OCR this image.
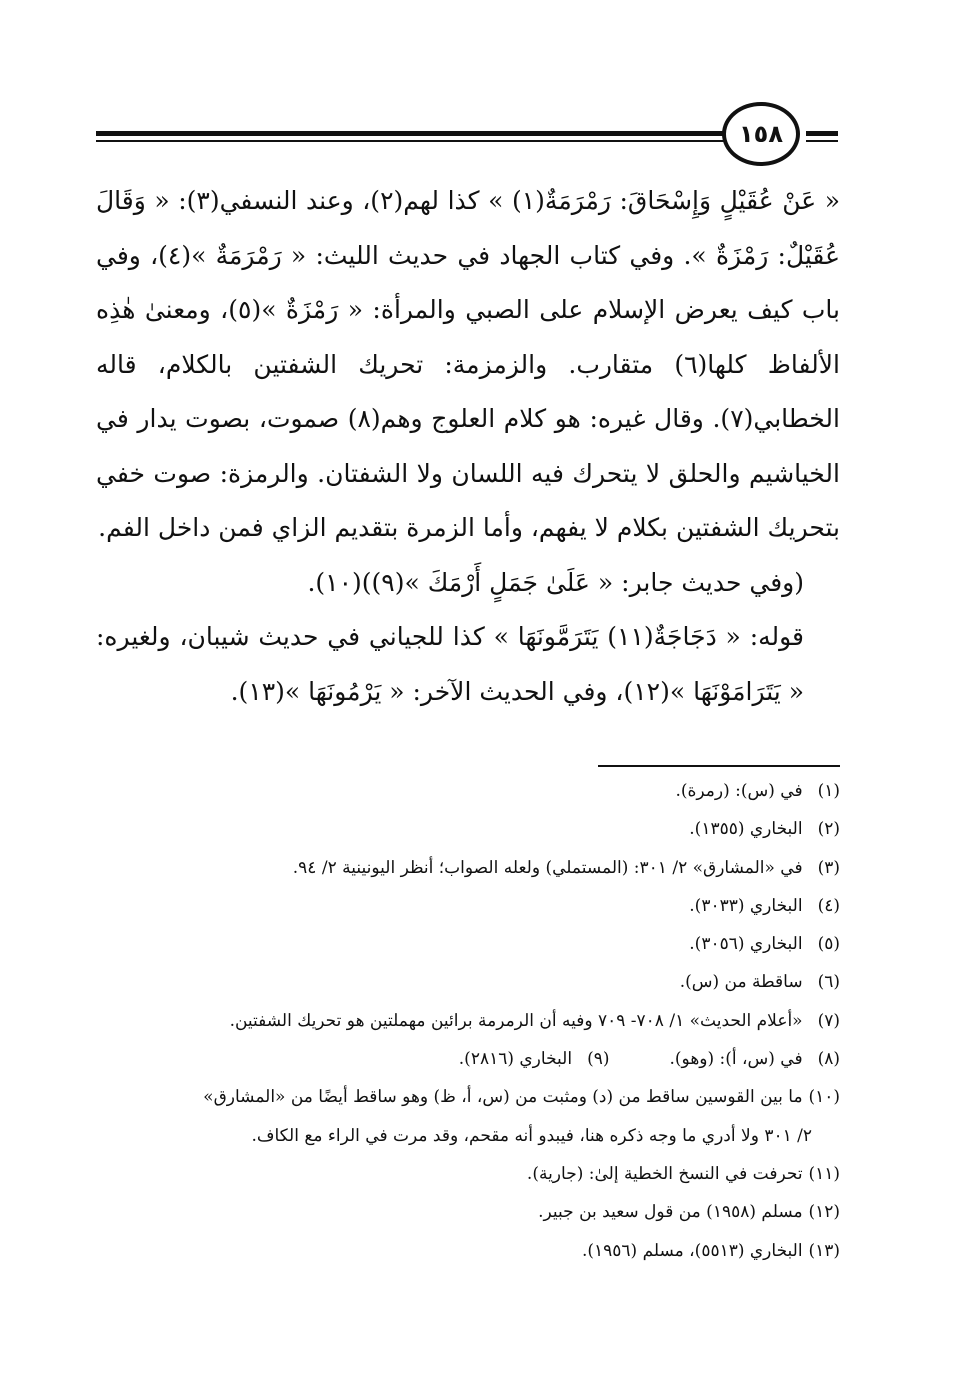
١٥٨

« عَنْ عُقَيْلٍ وَإِسْحَاقَ: رَمْرَمَةٌ(١) » كذا لهم(٢)، وعند النسفي(٣): « وَقَالَ عُقَيْلٌ: رَمْزَةٌ ». وفي كتاب الجهاد في حديث الليث: « رَمْرَمَةٌ »(٤)، وفي باب كيف يعرض الإسلام على الصبي والمرأة: « رَمْزَةٌ »(٥)، ومعنىٰ هٰذِه الألفاظ كلها(٦) متقارب. والزمزمة: تحريك الشفتين بالكلام، قاله الخطابي(٧). وقال غيره: هو كلام العلوج وهم(٨) صموت، بصوت يدار في الخياشيم والحلق لا يتحرك فيه اللسان ولا الشفتان. والرمزة: صوت خفي بتحريك الشفتين بكلام لا يفهم، وأما الزمرة بتقديم الزاي فمن داخل الفم.

(وفي حديث جابر: « عَلَىٰ جَمَلٍ أَرْمَكَ »(٩))(١٠).

قوله: « دَجَاجَةٌ(١١) يَتَرَمَّونَهَا » كذا للجياني في حديث شيبان، ولغيره: « يَتَرَامَوْنَهَا »(١٢)، وفي الحديث الآخر: « يَرْمُونَهَا »(١٣).

(١) في (س): (رمرة).
(٢) البخاري (١٣٥٥).
(٣) في «المشارق» ٢/ ٣٠١: (المستملي) ولعله الصواب؛ أنظر اليونينية ٢/ ٩٤.
(٤) البخاري (٣٠٣٣).
(٥) البخاري (٣٠٥٦).
(٦) ساقطة من (س).
(٧) «أعلام الحديث» ١/ ٧٠٨- ٧٠٩ وفيه أن الرمرمة برائين مهملتين هو تحريك الشفتين.
(٨) في (س، أ): (وهو).
(٩) البخاري (٢٨١٦).
(١٠) ما بين القوسين ساقط من (د) ومثبت من (س، أ، ظ) وهو ساقط أيضًا من «المشارق»
٢/ ٣٠١ ولا أدري ما وجه ذكره هنا، فيبدو أنه مقحم، وقد مرت في الراء مع الكاف.
(١١) تحرفت في النسخ الخطية إلىٰ: (جارية).
(١٢) مسلم (١٩٥٨) من قول سعيد بن جبير.
(١٣) البخاري (٥٥١٣)، مسلم (١٩٥٦).
